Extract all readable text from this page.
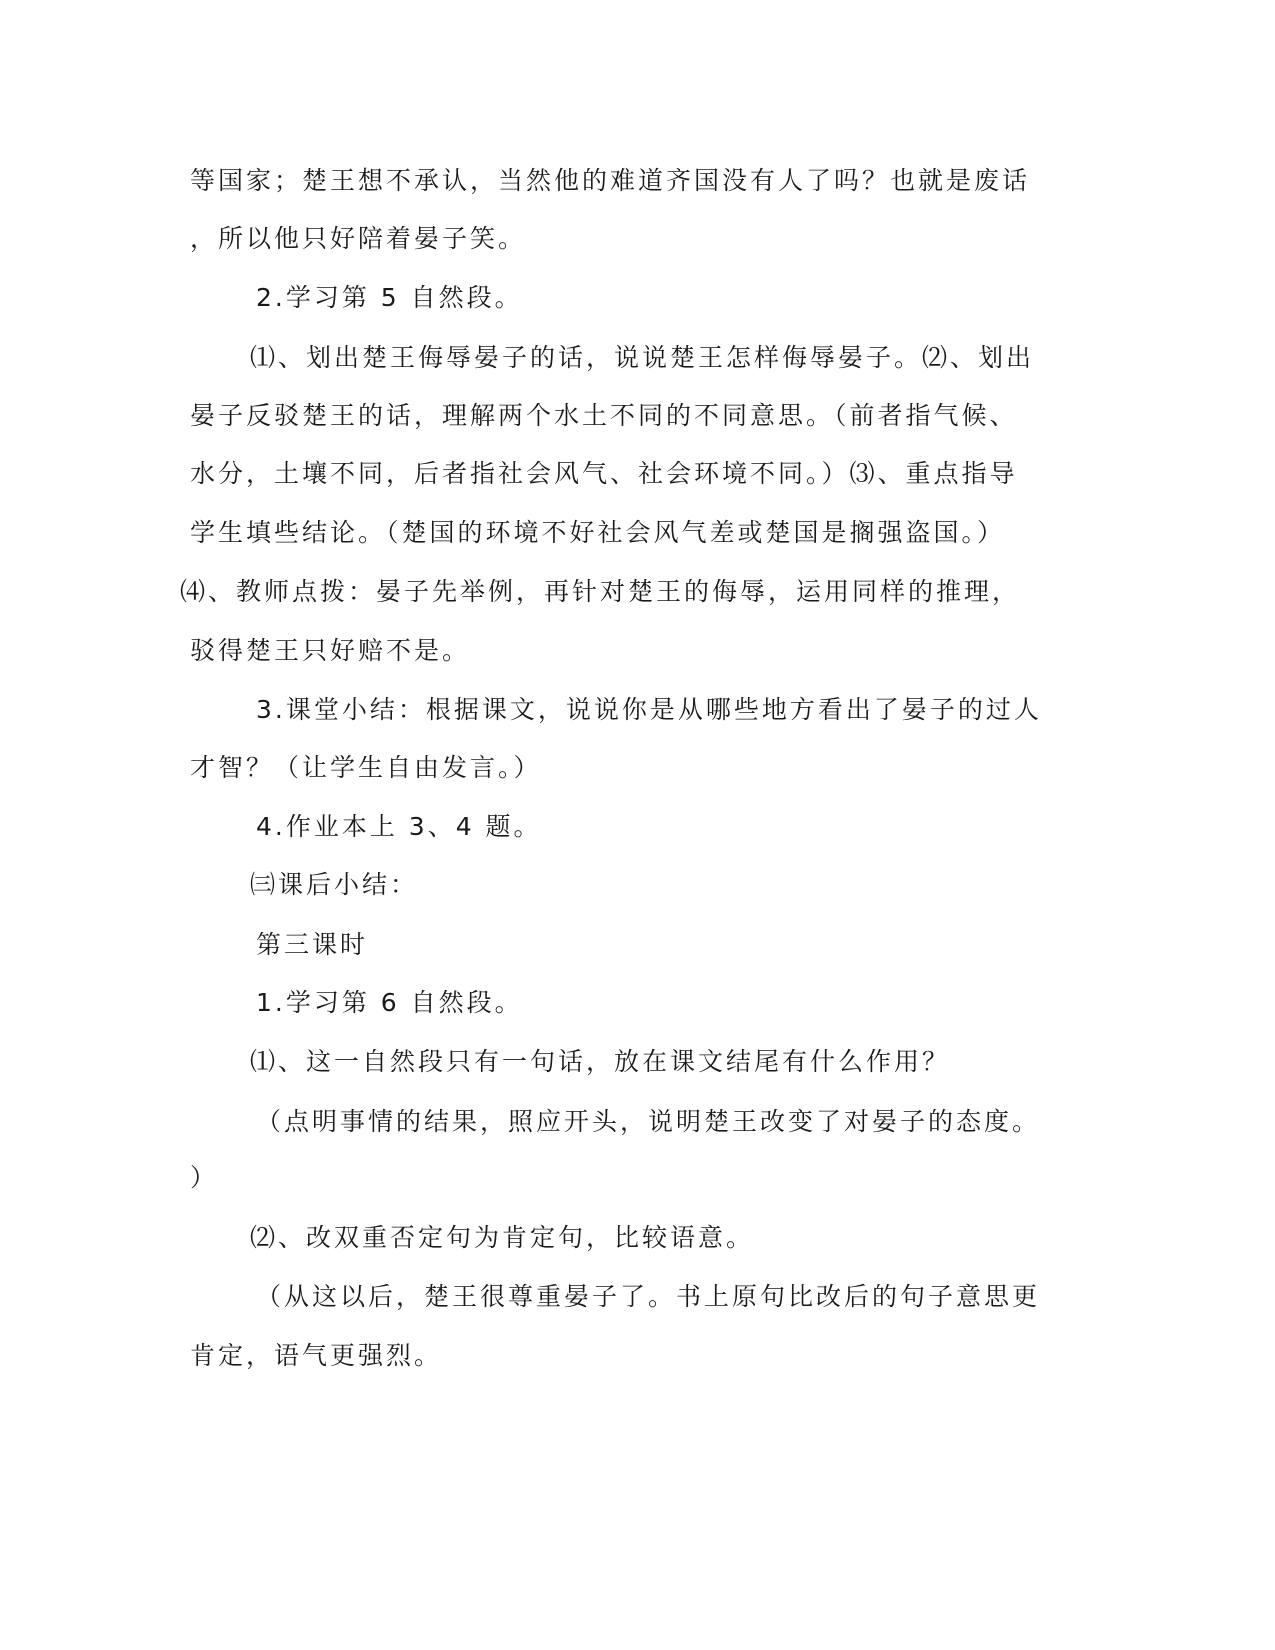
等国家；楚王想不承认，当然他的难道齐国没有人了吗？也就是废话
，所以他只好陪着晏子笑。
2.学习第 5 自然段。
⑴、划出楚王侮辱晏子的话，说说楚王怎样侮辱晏子。⑵、划出
晏子反驳楚王的话，理解两个水土不同的不同意思。（前者指气候、
水分，土壤不同，后者指社会风气、社会环境不同。）⑶、重点指导
学生填些结论。（楚国的环境不好社会风气差或楚国是搁强盗国。）
⑷、教师点拨：晏子先举例，再针对楚王的侮辱，运用同样的推理，
驳得楚王只好赔不是。
3.课堂小结：根据课文，说说你是从哪些地方看出了晏子的过人
才智？（让学生自由发言。）
4.作业本上 3、4 题。
㈢课后小结：
第三课时
1.学习第 6 自然段。
⑴、这一自然段只有一句话，放在课文结尾有什么作用？
（点明事情的结果，照应开头，说明楚王改变了对晏子的态度。
）
⑵、改双重否定句为肯定句，比较语意。
（从这以后，楚王很尊重晏子了。书上原句比改后的句子意思更
肯定，语气更强烈。
